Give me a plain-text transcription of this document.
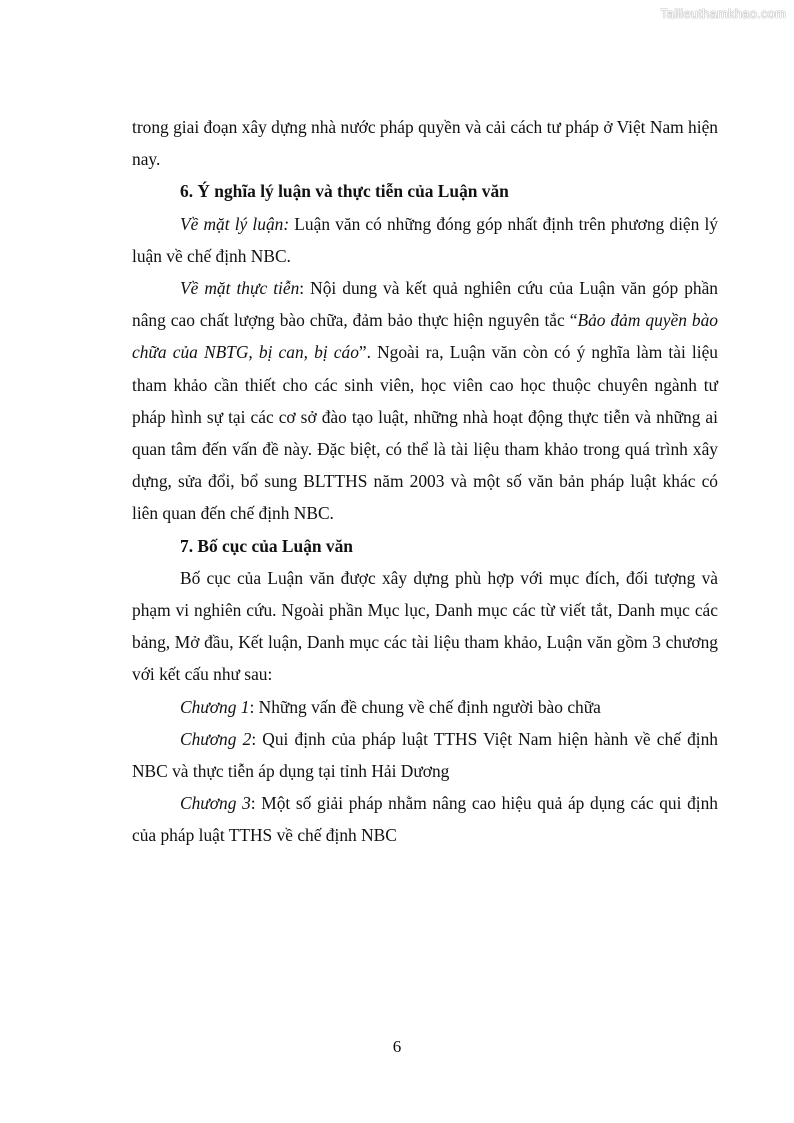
Tailieuthamkhao.com

trong giai đoạn xây dựng nhà nước pháp quyền và cải cách tư pháp ở Việt Nam hiện nay.

6. Ý nghĩa lý luận và thực tiễn của Luận văn

Về mặt lý luận: Luận văn có những đóng góp nhất định trên phương diện lý luận về chế định NBC.

Về mặt thực tiễn: Nội dung và kết quả nghiên cứu của Luận văn góp phần nâng cao chất lượng bào chữa, đảm bảo thực hiện nguyên tắc “Bảo đảm quyền bào chữa của NBTG, bị can, bị cáo”. Ngoài ra, Luận văn còn có ý nghĩa làm tài liệu tham khảo cần thiết cho các sinh viên, học viên cao học thuộc chuyên ngành tư pháp hình sự tại các cơ sở đào tạo luật, những nhà hoạt động thực tiễn và những ai quan tâm đến vấn đề này. Đặc biệt, có thể là tài liệu tham khảo trong quá trình xây dựng, sửa đổi, bổ sung BLTTHS năm 2003 và một số văn bản pháp luật khác có liên quan đến chế định NBC.

7. Bố cục của Luận văn

Bố cục của Luận văn được xây dựng phù hợp với mục đích, đối tượng và phạm vi nghiên cứu. Ngoài phần Mục lục, Danh mục các từ viết tắt, Danh mục các bảng, Mở đầu, Kết luận, Danh mục các tài liệu tham khảo, Luận văn gồm 3 chương với kết cấu như sau:

Chương 1: Những vấn đề chung về chế định người bào chữa

Chương 2: Qui định của pháp luật TTHS Việt Nam hiện hành về chế định NBC và thực tiễn áp dụng tại tỉnh Hải Dương

Chương 3: Một số giải pháp nhằm nâng cao hiệu quả áp dụng các qui định của pháp luật TTHS về chế định NBC

6
